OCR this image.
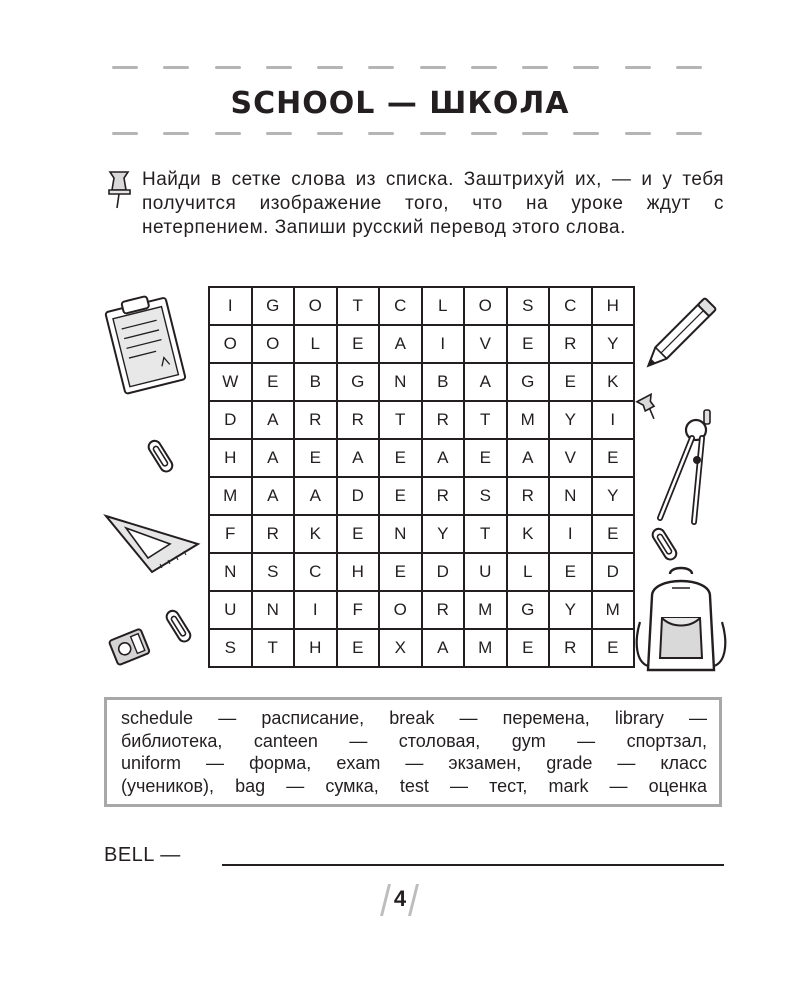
SCHOOL — ШКОЛА
Найди в сетке слова из списка. Заштрихуй их, — и у тебя получится изображение того, что на уроке ждут с нетерпением. Запиши русский перевод этого слова.
I	G	O	T	C	L	O	S	C	H
O	O	L	E	A	I	V	E	R	Y
W	E	B	G	N	B	A	G	E	K
D	A	R	R	T	R	T	M	Y	I
H	A	E	A	E	A	E	A	V	E
M	A	A	D	E	R	S	R	N	Y
F	R	K	E	N	Y	T	K	I	E
N	S	C	H	E	D	U	L	E	D
U	N	I	F	O	R	M	G	Y	M
S	T	H	E	X	A	M	E	R	E

schedule — расписание, break — перемена, library —

библиотека, canteen — столовая, gym — спортзал,

uniform — форма, exam — экзамен, grade — класс

(учеников), bag — сумка, test — тест, mark — оценка

BELL —
4
